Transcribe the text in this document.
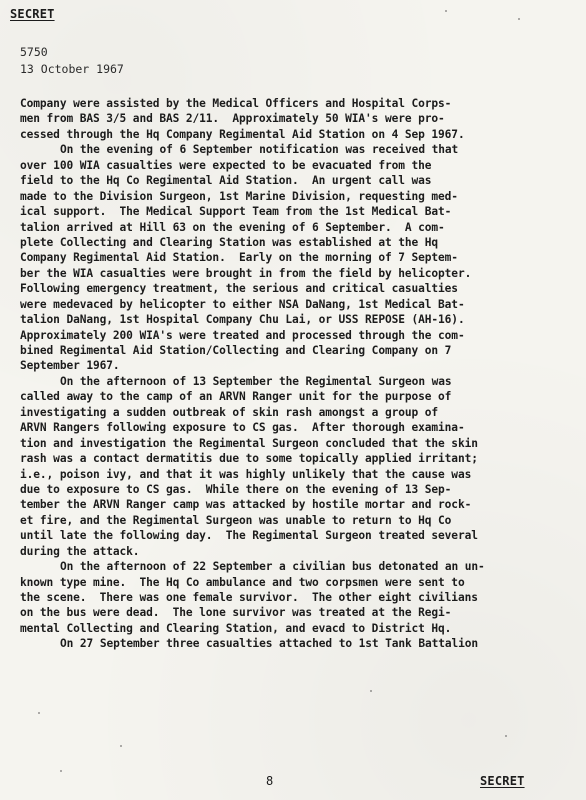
SECRET
5750
13 October 1967
Company were assisted by the Medical Officers and Hospital Corps-
men from BAS 3/5 and BAS 2/11.  Approximately 50 WIA's were pro-
cessed through the Hq Company Regimental Aid Station on 4 Sep 1967.
On the evening of 6 September notification was received that
over 100 WIA casualties were expected to be evacuated from the
field to the Hq Co Regimental Aid Station.  An urgent call was
made to the Division Surgeon, 1st Marine Division, requesting med-
ical support.  The Medical Support Team from the 1st Medical Bat-
talion arrived at Hill 63 on the evening of 6 September.  A com-
plete Collecting and Clearing Station was established at the Hq
Company Regimental Aid Station.  Early on the morning of 7 Septem-
ber the WIA casualties were brought in from the field by helicopter.
Following emergency treatment, the serious and critical casualties
were medevaced by helicopter to either NSA DaNang, 1st Medical Bat-
talion DaNang, 1st Hospital Company Chu Lai, or USS REPOSE (AH-16).
Approximately 200 WIA's were treated and processed through the com-
bined Regimental Aid Station/Collecting and Clearing Company on 7
September 1967.
On the afternoon of 13 September the Regimental Surgeon was
called away to the camp of an ARVN Ranger unit for the purpose of
investigating a sudden outbreak of skin rash amongst a group of
ARVN Rangers following exposure to CS gas.  After thorough examina-
tion and investigation the Regimental Surgeon concluded that the skin
rash was a contact dermatitis due to some topically applied irritant;
i.e., poison ivy, and that it was highly unlikely that the cause was
due to exposure to CS gas.  While there on the evening of 13 Sep-
tember the ARVN Ranger camp was attacked by hostile mortar and rock-
et fire, and the Regimental Surgeon was unable to return to Hq Co
until late the following day.  The Regimental Surgeon treated several
during the attack.
On the afternoon of 22 September a civilian bus detonated an un-
known type mine.  The Hq Co ambulance and two corpsmen were sent to
the scene.  There was one female survivor.  The other eight civilians
on the bus were dead.  The lone survivor was treated at the Regi-
mental Collecting and Clearing Station, and evacd to District Hq.
On 27 September three casualties attached to 1st Tank Battalion
8	SECRET
